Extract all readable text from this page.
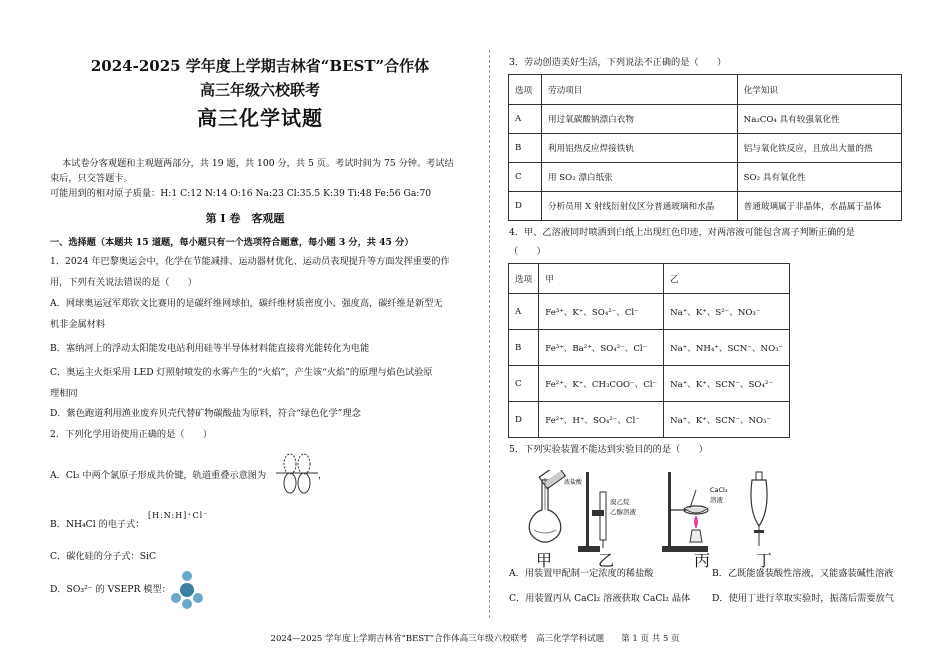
2024-2025 学年度上学期吉林省“BEST”合作体
高三年级六校联考
高三化学试题
本试卷分客观题和主观题两部分，共 19 题，共 100 分，共 5 页。考试时间为 75 分钟。考试结
束后，只交答题卡。
可能用到的相对原子质量：H:1 C:12 N:14 O:16 Na:23 Cl:35.5 K:39 Ti:48 Fe:56 Ga:70
第 I 卷　客观题
一、选择题（本题共 15 道题，每小题只有一个选项符合题意，每小题 3 分，共 45 分）
1．2024 年巴黎奥运会中，化学在节能减排、运动器材优化、运动员表现提升等方面发挥重要的作
用，下列有关说法错误的是（　　）
A．网球奥运冠军郑钦文比赛用的是碳纤维网球拍，碳纤维材质密度小、强度高，碳纤维是新型无
机非金属材料
B．塞纳河上的浮动太阳能发电站利用硅等半导体材料能直接将光能转化为电能
C．奥运主火炬采用 LED 灯照射喷发的水雾产生的“火焰”，产生该“火焰”的原理与焰色试验原
理相同
D．紫色跑道利用渔业废弃贝壳代替矿物碳酸盐为原料，符合“绿色化学”理念
2．下列化学用语使用正确的是（　　）
A．Cl₂ 中两个氯原子形成共价键，轨道重叠示意图为	，
B．NH₄Cl 的电子式：
[H:N:H]⁺Cl⁻
C．碳化硅的分子式：SiC
D．SO₃²⁻ 的 VSEPR 模型：
3．劳动创造美好生活，下列说法不正确的是（　　）
选项	劳动项目	化学知识
A	用过氧碳酸钠漂白衣物	Na₂CO₄ 具有较强氧化性
B	利用铝热反应焊接铁轨	铝与氧化铁反应，且放出大量的热
C	用 SO₂ 漂白纸张	SO₂ 具有氧化性
D	分析员用 X 射线衍射仪区分普通玻璃和水晶	普通玻璃属于非晶体，水晶属于晶体
4．甲、乙溶液同时喷洒到白纸上出现红色印迹，对两溶液可能包含离子判断正确的是
（　　）
选项	甲	乙
A	Fe³⁺、K⁺、SO₄²⁻、Cl⁻	Na⁺、K⁺、S²⁻、NO₃⁻
B	Fe³⁺、Ba²⁺、SO₄²⁻、Cl⁻	Na⁺、NH₄⁺、SCN⁻、NO₃⁻
C	Fe²⁺、K⁺、CH₃COO⁻、Cl⁻	Na⁺、K⁺、SCN⁻、SO₄²⁻
D	Fe²⁺、H⁺、SO₄²⁻、Cl⁻	Na⁺、K⁺、SCN⁻、NO₃⁻
5．下列实验装置不能达到实验目的的是（　　）
浓盐酸
溴乙烷
乙醇溶液
CaCl₂
溶液
甲	乙	丙	丁
A．用装置甲配制一定浓度的稀盐酸	B．乙既能盛装酸性溶液，又能盛装碱性溶液
C．用装置丙从 CaCl₂ 溶液获取 CaCl₂ 晶体 D．使用丁进行萃取实验时，振荡后需要放气
2024—2025 学年度上学期吉林省“BEST”合作体高三年级六校联考　高三化学学科试题　　第 1 页 共 5 页
